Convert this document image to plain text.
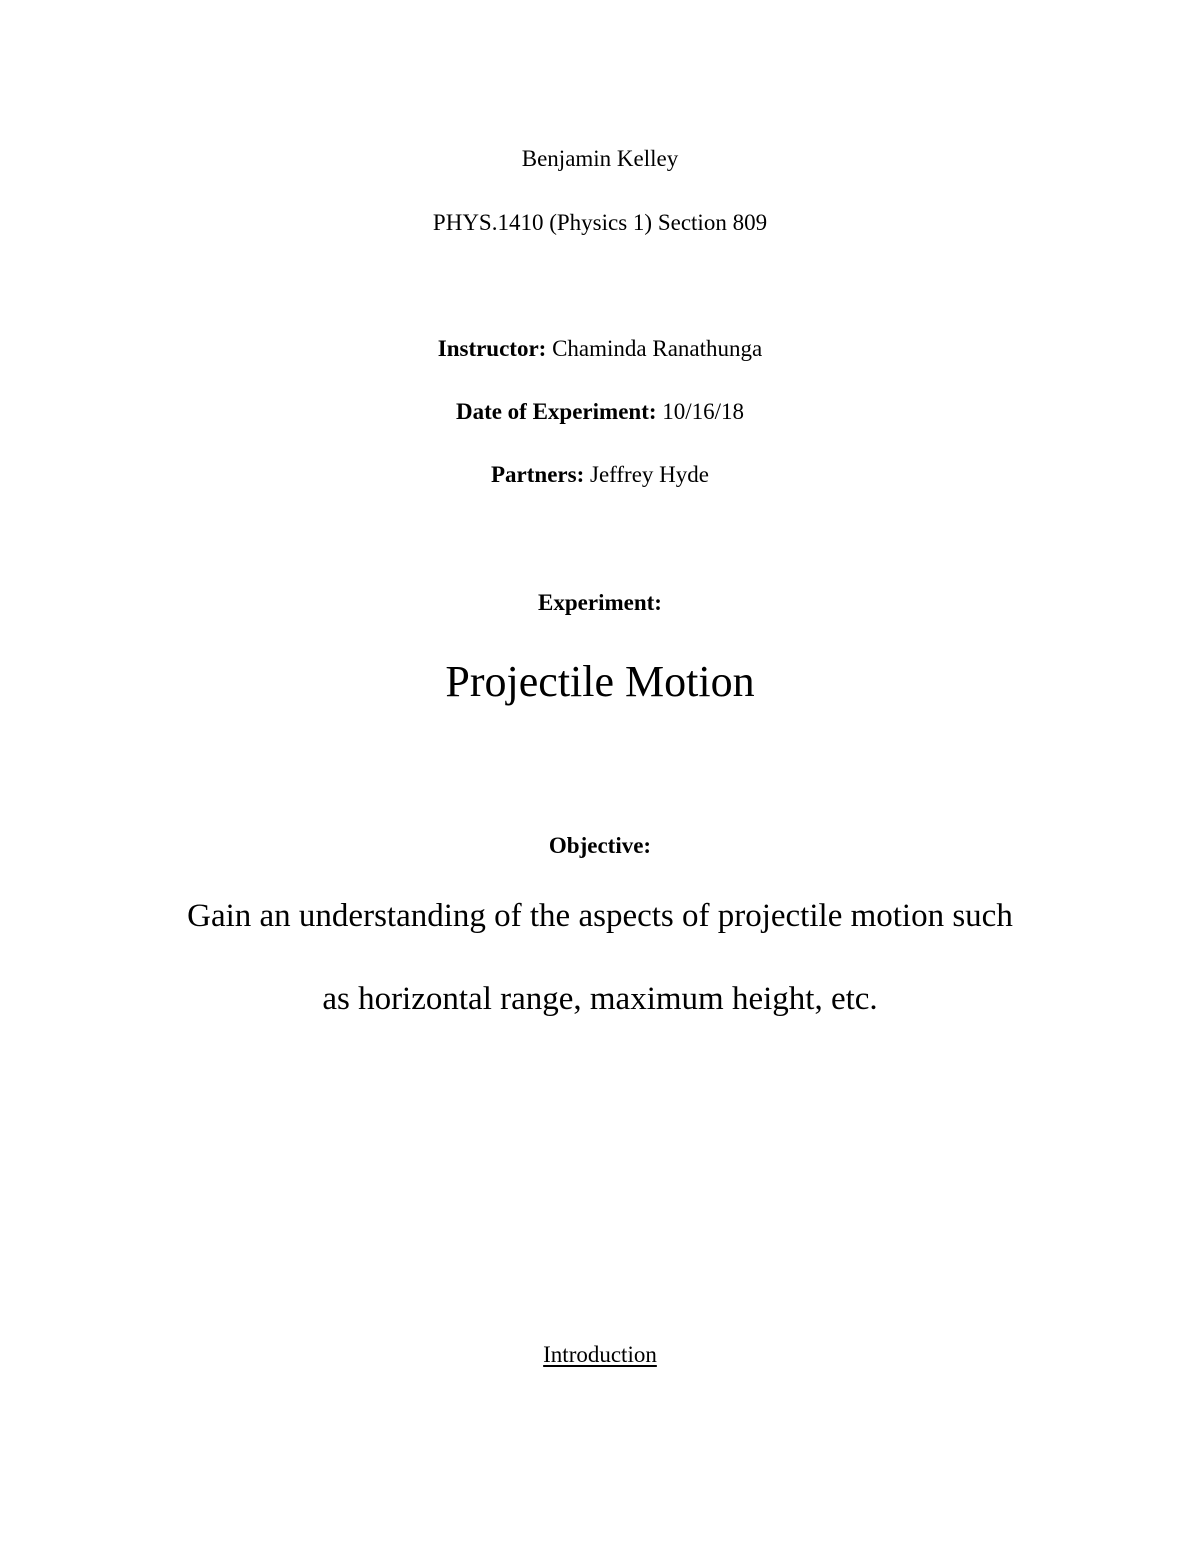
Benjamin Kelley
PHYS.1410 (Physics 1) Section 809
Instructor: Chaminda Ranathunga
Date of Experiment: 10/16/18
Partners: Jeffrey Hyde
Experiment:
Projectile Motion
Objective:
Gain an understanding of the aspects of projectile motion such
as horizontal range, maximum height, etc.
Introduction
